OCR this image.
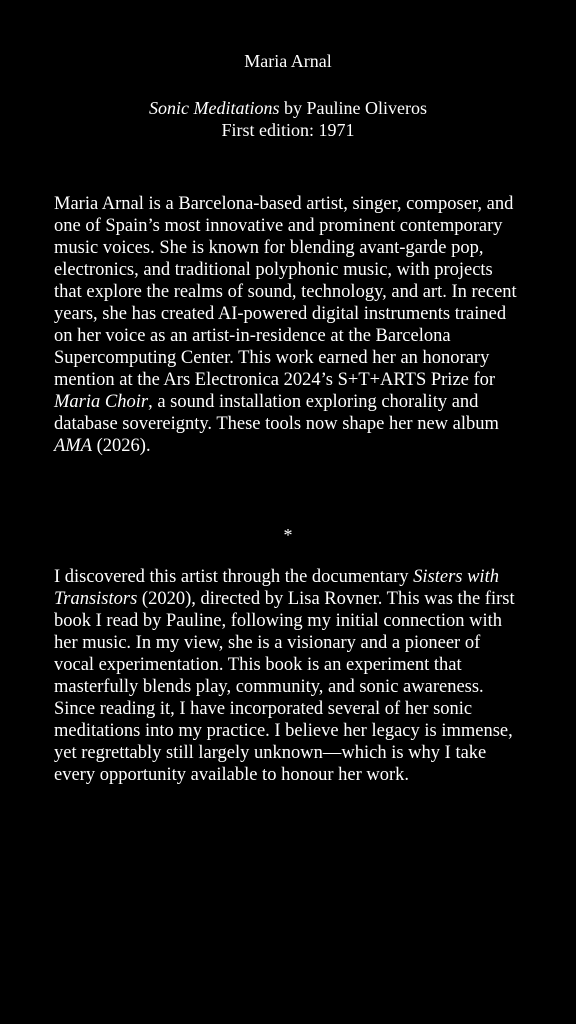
Maria Arnal
Sonic Meditations by Pauline Oliveros
First edition: 1971

Maria Arnal is a Barcelona-based artist, singer, composer, and one of Spain’s most innovative and prominent contemporary music voices. She is known for blending avant-garde pop, electronics, and traditional polyphonic music, with projects that explore the realms of sound, technology, and art. In recent years, she has created AI-powered digital instruments trained on her voice as an artist-in-residence at the Barcelona Supercomputing Center. This work earned her an honorary mention at the Ars Electronica 2024’s S+T+ARTS Prize for Maria Choir, a sound installation exploring chorality and database sovereignty. These tools now shape her new album AMA (2026).

*

I discovered this artist through the documentary Sisters with Transistors (2020), directed by Lisa Rovner. This was the first book I read by Pauline, following my initial connection with her music. In my view, she is a visionary and a pioneer of vocal experimentation. This book is an experiment that masterfully blends play, community, and sonic awareness. Since reading it, I have incorporated several of her sonic meditations into my practice. I believe her legacy is immense, yet regrettably still largely unknown—which is why I take every opportunity available to honour her work.
